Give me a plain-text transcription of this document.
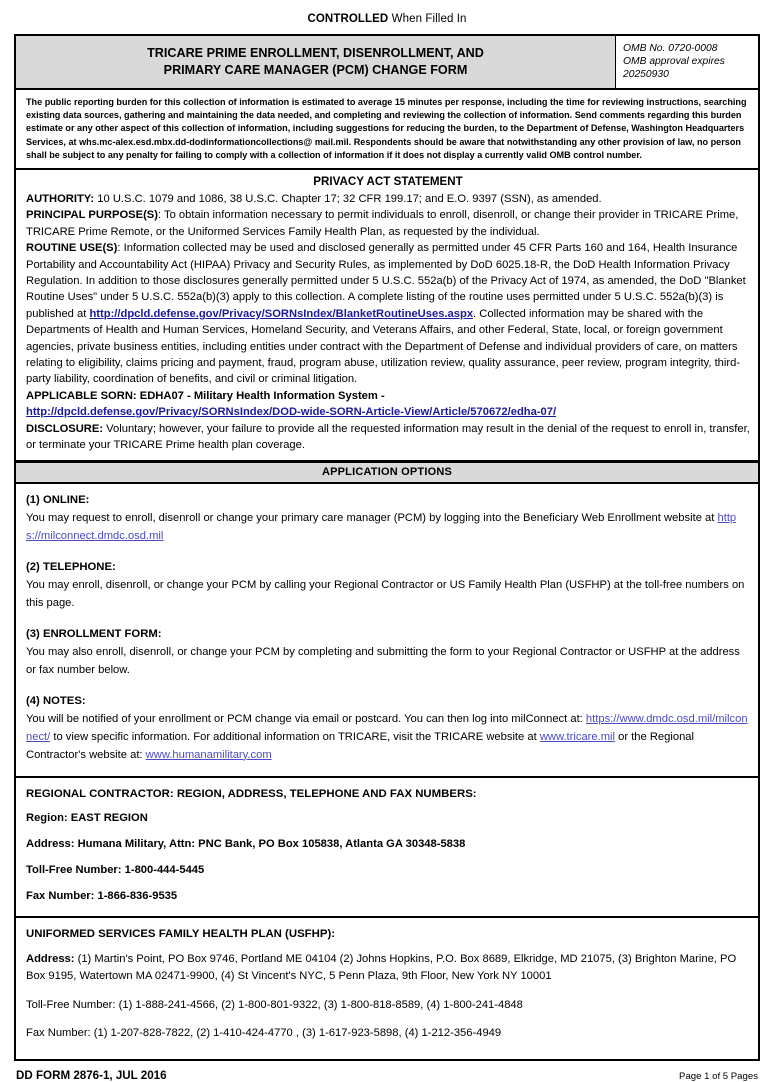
CONTROLLED When Filled In
TRICARE PRIME ENROLLMENT, DISENROLLMENT, AND
PRIMARY CARE MANAGER (PCM) CHANGE FORM
OMB No. 0720-0008
OMB approval expires
20250930
The public reporting burden for this collection of information is estimated to average 15 minutes per response, including the time for reviewing instructions, searching existing data sources, gathering and maintaining the data needed, and completing and reviewing the collection of information. Send comments regarding this burden estimate or any other aspect of this collection of information, including suggestions for reducing the burden, to the Department of Defense, Washington Headquarters Services, at whs.mc-alex.esd.mbx.dd-dodinformationcollections@ mail.mil. Respondents should be aware that notwithstanding any other provision of law, no person shall be subject to any penalty for failing to comply with a collection of information if it does not display a currently valid OMB control number.
PRIVACY ACT STATEMENT
AUTHORITY: 10 U.S.C. 1079 and 1086, 38 U.S.C. Chapter 17; 32 CFR 199.17; and E.O. 9397 (SSN), as amended.
PRINCIPAL PURPOSE(S): To obtain information necessary to permit individuals to enroll, disenroll, or change their provider in TRICARE Prime, TRICARE Prime Remote, or the Uniformed Services Family Health Plan, as requested by the individual.
ROUTINE USE(S): Information collected may be used and disclosed generally as permitted under 45 CFR Parts 160 and 164, Health Insurance Portability and Accountability Act (HIPAA) Privacy and Security Rules, as implemented by DoD 6025.18-R, the DoD Health Information Privacy Regulation. In addition to those disclosures generally permitted under 5 U.S.C. 552a(b) of the Privacy Act of 1974, as amended, the DoD "Blanket Routine Uses" under 5 U.S.C. 552a(b)(3) apply to this collection. A complete listing of the routine uses permitted under 5 U.S.C. 552a(b)(3) is published at http://dpcld.defense.gov/Privacy/SORNsIndex/BlanketRoutineUses.aspx. Collected information may be shared with the Departments of Health and Human Services, Homeland Security, and Veterans Affairs, and other Federal, State, local, or foreign government agencies, private business entities, including entities under contract with the Department of Defense and individual providers of care, on matters relating to eligibility, claims pricing and payment, fraud, program abuse, utilization review, quality assurance, peer review, program integrity, third-party liability, coordination of benefits, and civil or criminal litigation.
APPLICABLE SORN: EDHA07 - Military Health Information System -
http://dpcld.defense.gov/Privacy/SORNsIndex/DOD-wide-SORN-Article-View/Article/570672/edha-07/
DISCLOSURE: Voluntary; however, your failure to provide all the requested information may result in the denial of the request to enroll in, transfer, or terminate your TRICARE Prime health plan coverage.
APPLICATION OPTIONS
(1) ONLINE:
You may request to enroll, disenroll or change your primary care manager (PCM) by logging into the Beneficiary Web Enrollment website at https://milconnect.dmdc.osd.mil
(2) TELEPHONE:
You may enroll, disenroll, or change your PCM by calling your Regional Contractor or US Family Health Plan (USFHP) at the toll-free numbers on this page.
(3) ENROLLMENT FORM:
You may also enroll, disenroll, or change your PCM by completing and submitting the form to your Regional Contractor or USFHP at the address or fax number below.
(4) NOTES:
You will be notified of your enrollment or PCM change via email or postcard. You can then log into milConnect at: https://www.dmdc.osd.mil/milconnect/ to view specific information. For additional information on TRICARE, visit the TRICARE website at www.tricare.mil or the Regional Contractor's website at: www.humanamilitary.com
REGIONAL CONTRACTOR: REGION, ADDRESS, TELEPHONE AND FAX NUMBERS:
Region: EAST REGION
Address: Humana Military, Attn: PNC Bank, PO Box 105838, Atlanta GA 30348-5838
Toll-Free Number: 1-800-444-5445
Fax Number: 1-866-836-9535
UNIFORMED SERVICES FAMILY HEALTH PLAN (USFHP):
Address: (1) Martin's Point, PO Box 9746, Portland ME 04104 (2) Johns Hopkins, P.O. Box 8689, Elkridge, MD 21075, (3) Brighton Marine, PO Box 9195, Watertown MA 02471-9900, (4) St Vincent's NYC, 5 Penn Plaza, 9th Floor, New York NY 10001
Toll-Free Number: (1) 1-888-241-4566, (2) 1-800-801-9322, (3) 1-800-818-8589, (4) 1-800-241-4848
Fax Number: (1) 1-207-828-7822, (2) 1-410-424-4770 , (3) 1-617-923-5898, (4) 1-212-356-4949
DD FORM 2876-1, JUL 2016	Page 1 of 5 Pages
